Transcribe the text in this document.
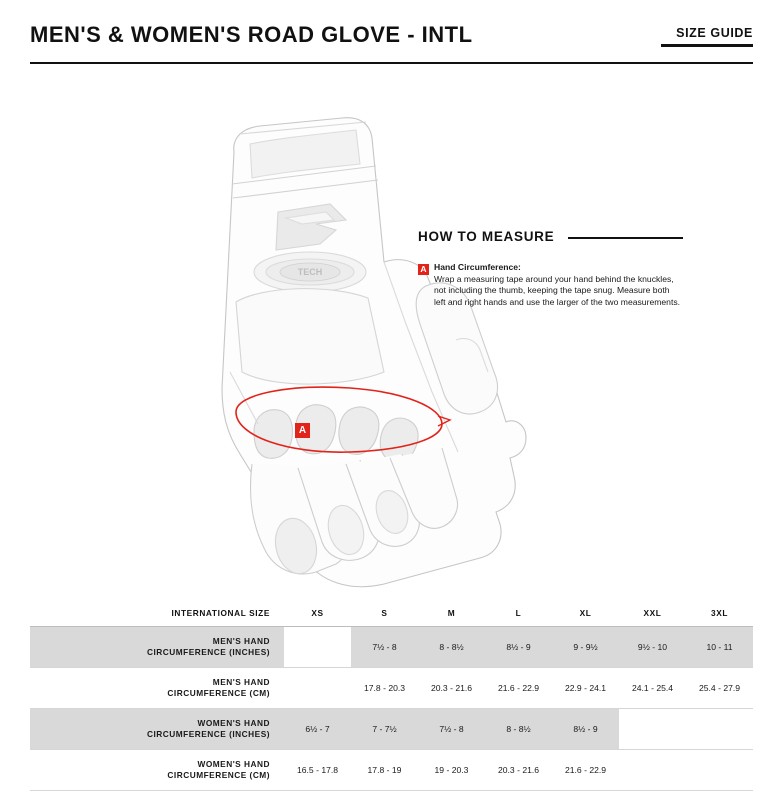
MEN'S & WOMEN'S ROAD GLOVE - INTL	SIZE GUIDE
TECH
A
HOW TO MEASURE
A Hand Circumference:
Wrap a measuring tape around your hand behind the knuckles, not including the thumb, keeping the tape snug. Measure both left and right hands and use the larger of the two measurements.
INTERNATIONAL SIZE	XS	S	M	L	XL	XXL	3XL

MEN'S HAND
CIRCUMFERENCE (INCHES)		7½ - 8	8 - 8½	8½ - 9	9 - 9½	9½ - 10	10 - 11

MEN'S HAND
CIRCUMFERENCE (CM)		17.8 - 20.3	20.3 - 21.6	21.6 - 22.9	22.9 - 24.1	24.1 - 25.4	25.4 - 27.9

WOMEN'S HAND
CIRCUMFERENCE (INCHES)	6½ - 7	7 - 7½	7½ - 8	8 - 8½	8½ - 9		

WOMEN'S HAND
CIRCUMFERENCE (CM)	16.5 - 17.8	17.8 - 19	19 - 20.3	20.3 - 21.6	21.6 - 22.9		
